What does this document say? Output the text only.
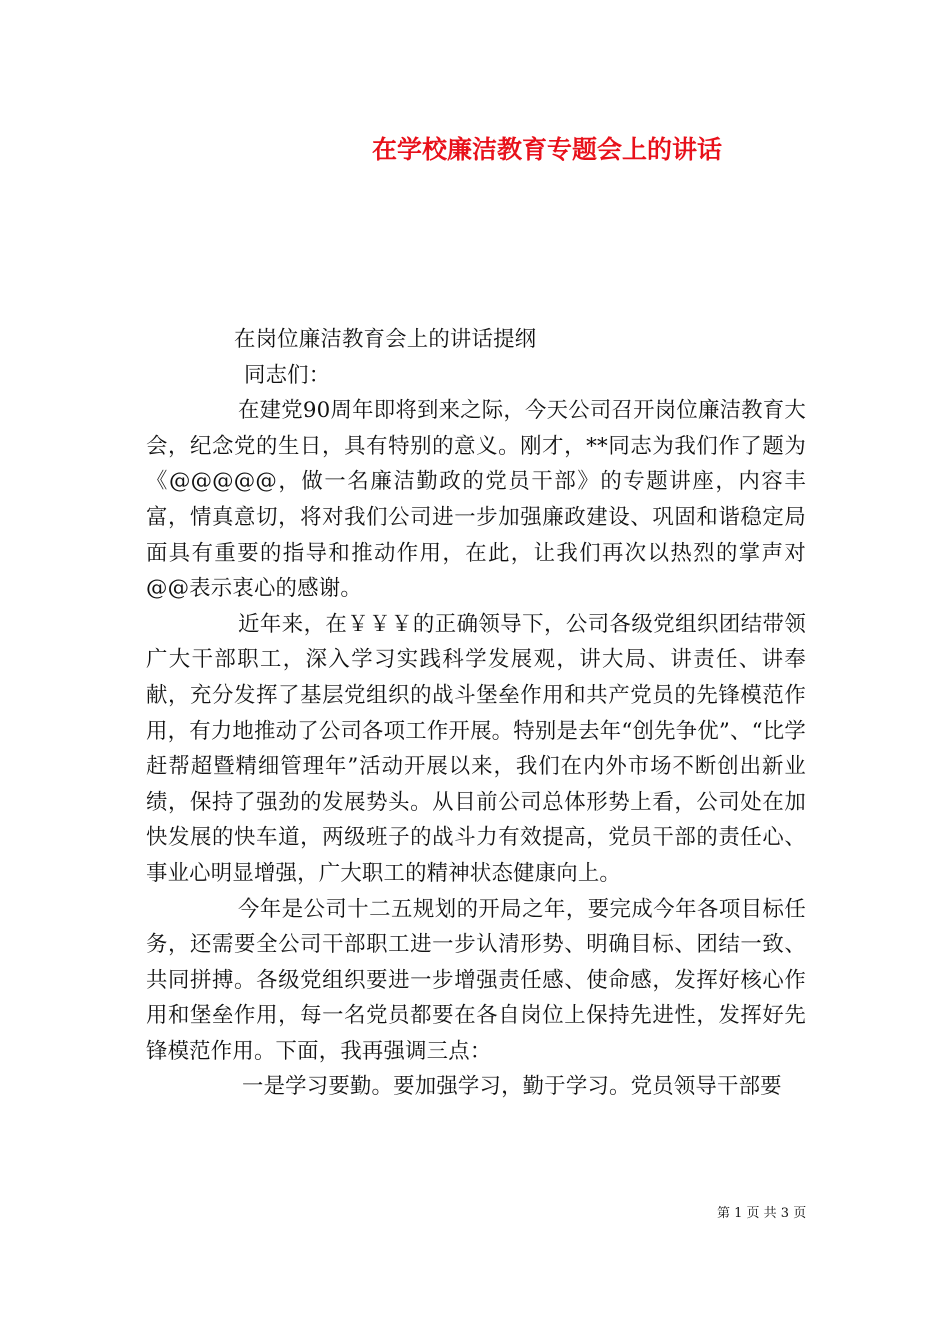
在学校廉洁教育专题会上的讲话

在岗位廉洁教育会上的讲话提纲

同志们：

在建党90周年即将到来之际，今天公司召开岗位廉洁教育大会，纪念党的生日，具有特别的意义。刚才，**同志为我们作了题为《@@@@@，做一名廉洁勤政的党员干部》的专题讲座，内容丰富，情真意切，将对我们公司进一步加强廉政建设、巩固和谐稳定局面具有重要的指导和推动作用，在此，让我们再次以热烈的掌声对@@表示衷心的感谢。

近年来，在￥￥￥的正确领导下，公司各级党组织团结带领广大干部职工，深入学习实践科学发展观，讲大局、讲责任、讲奉献，充分发挥了基层党组织的战斗堡垒作用和共产党员的先锋模范作用，有力地推动了公司各项工作开展。特别是去年“创先争优”、“比学赶帮超暨精细管理年”活动开展以来，我们在内外市场不断创出新业绩，保持了强劲的发展势头。从目前公司总体形势上看，公司处在加快发展的快车道，两级班子的战斗力有效提高，党员干部的责任心、事业心明显增强，广大职工的精神状态健康向上。

今年是公司十二五规划的开局之年，要完成今年各项目标任务，还需要全公司干部职工进一步认清形势、明确目标、团结一致、共同拼搏。各级党组织要进一步增强责任感、使命感，发挥好核心作用和堡垒作用，每一名党员都要在各自岗位上保持先进性，发挥好先锋模范作用。下面，我再强调三点：

一是学习要勤。要加强学习，勤于学习。党员领导干部要

第 1 页 共 3 页
